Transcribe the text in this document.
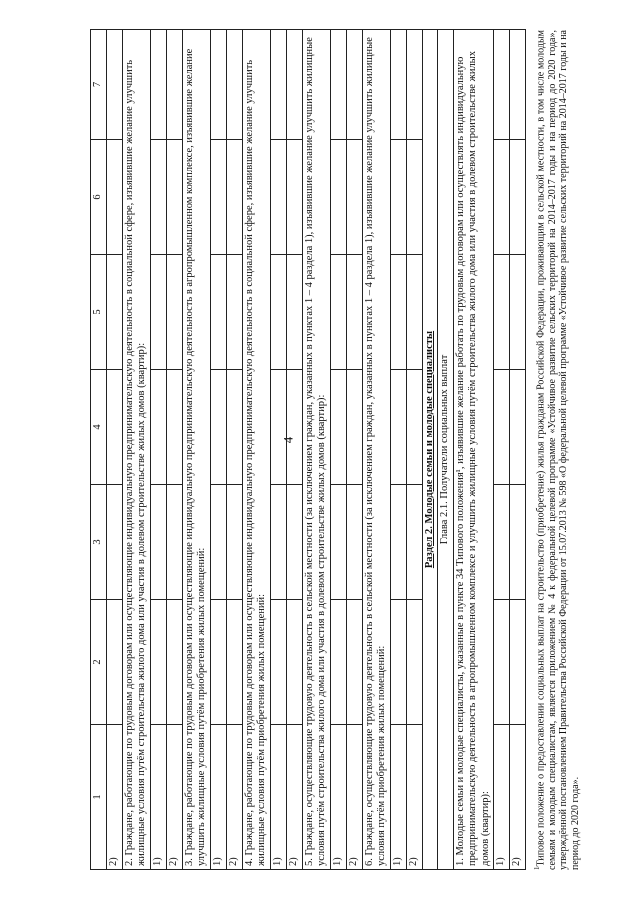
4
1	2	3	4	5	6	7
2)						
2. Граждане, работающие по трудовым договорам или осуществляющие индивидуальную предпринимательскую деятельность в социальной сфере, изъявившие желание улучшить жилищные условия путём строительства жилого дома или участия в долевом строительстве жилых домов (квартир):						
1)						
2)						
3. Граждане, работающие по трудовым договорам или осуществляющие индивидуальную предпринимательскую деятельность в агропромышленном комплексе, изъявившие желание улучшить жилищные условия путём приобретения жилых помещений:						
1)						
2)						
4. Граждане, работающие по трудовым договорам или осуществляющие индивидуальную предпринимательскую деятельность в социальной сфере, изъявившие желание улучшить жилищные условия путём приобретения жилых помещений:						
1)						
2)						
5. Граждане, осуществляющие трудовую деятельность в сельской местности (за исключением граждан, указанных в пунктах 1 – 4 раздела 1), изъявившие желание улучшить жилищные условия путём строительства жилого дома или участия в долевом строительстве жилых домов (квартир):						
1)						
2)						
6. Граждане, осуществляющие трудовую деятельность в сельской местности (за исключением граждан, указанных в пунктах 1 – 4 раздела 1), изъявившие желание улучшить жилищные условия путём приобретения жилых помещений:						
1)						
2)						
Раздел 2. Молодые семьи и молодые специалисты						
Глава 2.1. Получатели социальных выплат						
1. Молодые семьи и молодые специалисты, указанные в пункте 34 Типового положения¹, изъявившие желание работать по трудовым договорам или осуществлять индивидуальную предпринимательскую деятельность в агропромышленном комплексе и улучшить жилищные условия путём строительства жилого дома или участия в долевом строительстве жилых домов (квартир):						
1)						
2)						
$^1$Типовое положение о предоставлении социальных выплат на строительство (приобретение) жилья гражданам Российской Федерации, проживающим в сельской местности, в том числе молодым семьям и молодым специалистам, является приложением № 4 к федеральной целевой программе «Устойчивое развитие сельских территорий на 2014–2017 годы и на период до 2020 года», утверждённой постановлением Правительства Российской Федерации от 15.07.2013 № 598 «О федеральной целевой программе «Устойчивое развитие сельских территорий на 2014–2017 годы и на период до 2020 года».
